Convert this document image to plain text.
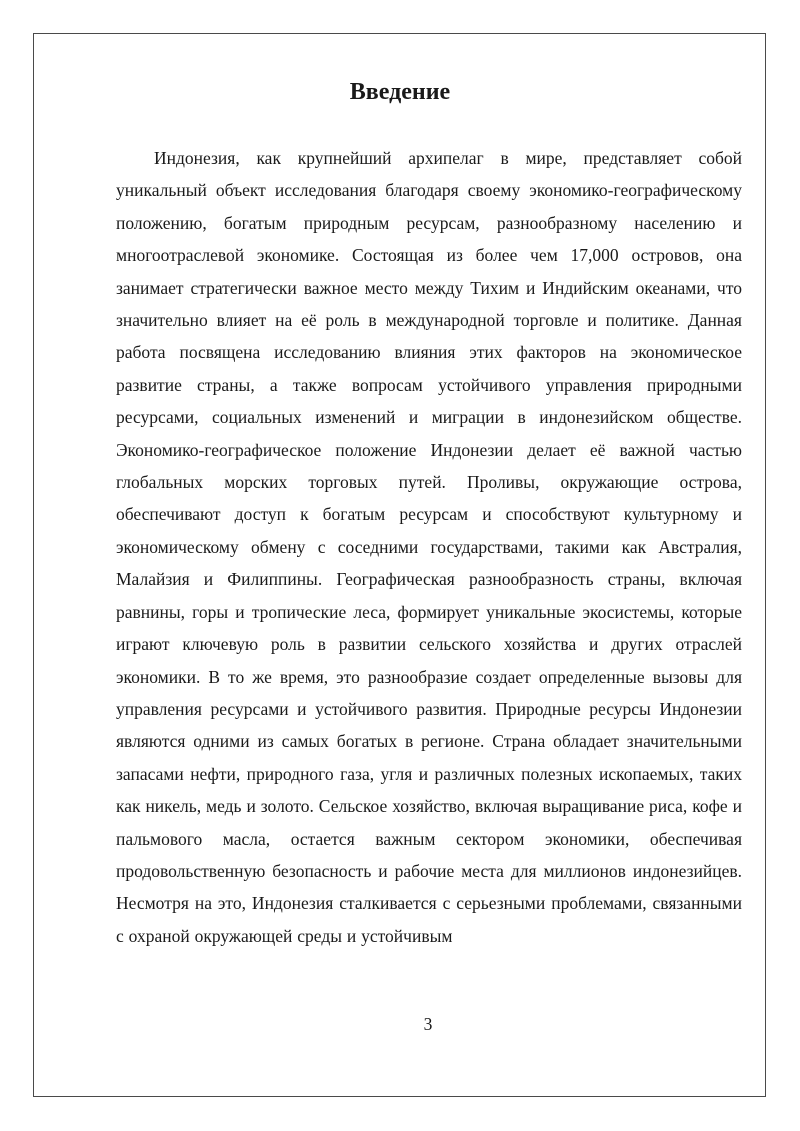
Введение

Индонезия, как крупнейший архипелаг в мире, представляет собой уникальный объект исследования благодаря своему экономико-географическому положению, богатым природным ресурсам, разнообразному населению и многоотраслевой экономике. Состоящая из более чем 17,000 островов, она занимает стратегически важное место между Тихим и Индийским океанами, что значительно влияет на её роль в международной торговле и политике. Данная работа посвящена исследованию влияния этих факторов на экономическое развитие страны, а также вопросам устойчивого управления природными ресурсами, социальных изменений и миграции в индонезийском обществе. Экономико-географическое положение Индонезии делает её важной частью глобальных морских торговых путей. Проливы, окружающие острова, обеспечивают доступ к богатым ресурсам и способствуют культурному и экономическому обмену с соседними государствами, такими как Австралия, Малайзия и Филиппины. Географическая разнообразность страны, включая равнины, горы и тропические леса, формирует уникальные экосистемы, которые играют ключевую роль в развитии сельского хозяйства и других отраслей экономики. В то же время, это разнообразие создает определенные вызовы для управления ресурсами и устойчивого развития. Природные ресурсы Индонезии являются одними из самых богатых в регионе. Страна обладает значительными запасами нефти, природного газа, угля и различных полезных ископаемых, таких как никель, медь и золото. Сельское хозяйство, включая выращивание риса, кофе и пальмового масла, остается важным сектором экономики, обеспечивая продовольственную безопасность и рабочие места для миллионов индонезийцев. Несмотря на это, Индонезия сталкивается с серьезными проблемами, связанными с охраной окружающей среды и устойчивым

3
